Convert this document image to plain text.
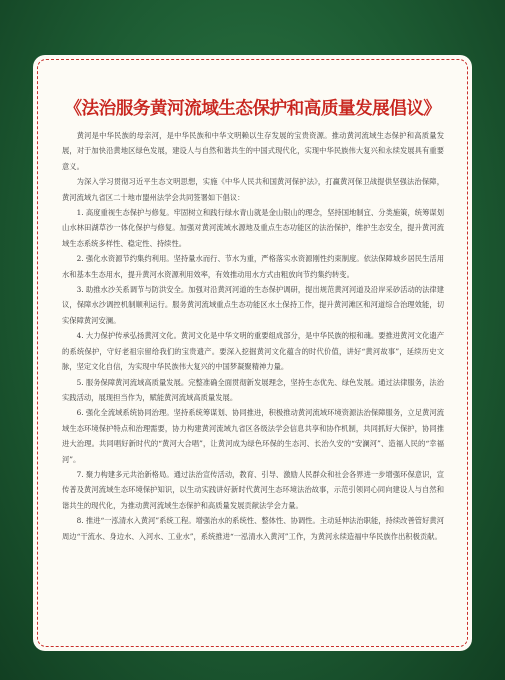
《法治服务黄河流域生态保护和高质量发展倡议》

黄河是中华民族的母亲河，是中华民族和中华文明赖以生存发展的宝贵资源。推动黄河流域生态保护和高质量发展，对于加快沿黄地区绿色发展，建设人与自然和谐共生的中国式现代化，实现中华民族伟大复兴和永续发展具有重要意义。

为深入学习贯彻习近平生态文明思想，实施《中华人民共和国黄河保护法》，打赢黄河保卫战提供坚强法治保障，黄河流域九省区二十地市盟州法学会共同签署如下倡议：

1. 高度重视生态保护与修复。牢固树立和践行绿水青山就是金山银山的理念，坚持国地制宜、分类施策，统筹谋划山水林田湖草沙一体化保护与修复。加强对黄河流域水源地及重点生态功能区的法治保护，维护生态安全，提升黄河流域生态系统多样性、稳定性、持续性。

2. 强化水资源节约集约利用。坚持量水而行、节水为重，严格落实水资源刚性约束制度。依法保障城乡居民生活用水和基本生态用水，提升黄河水资源利用效率，有效推动用水方式由粗放向节约集约转变。

3. 助推水沙关系调节与防洪安全。加强对沿黄河河道的生态保护调研，提出规范黄河河道及沿岸采砂活动的法律建议，保障水沙调控机制顺利运行。服务黄河流域重点生态功能区水土保持工作，提升黄河滩区和河道综合治理效能，切实保障黄河安澜。

4. 大力保护传承弘扬黄河文化。黄河文化是中华文明的重要组成部分，是中华民族的根和魂。要推进黄河文化遗产的系统保护，守好老祖宗留给我们的宝贵遗产。要深入挖掘黄河文化蕴含的时代价值，讲好“黄河故事”，延续历史文脉，坚定文化自信，为实现中华民族伟大复兴的中国梦凝聚精神力量。

5. 服务保障黄河流域高质量发展。完整准确全面贯彻新发展理念，坚持生态优先、绿色发展。通过法律服务，法治实践活动，展现担当作为，赋能黄河流域高质量发展。

6. 强化全流域系统协同治理。坚持系统筹谋划、协同推进，积极推动黄河流域环境资源法治保障服务，立足黄河流域生态环境保护特点和治理需要，协力构建黄河流域九省区各级法学会信息共享和协作机制，共同抓好大保护，协同推进大治理。共同唱好新时代的“黄河大合唱”，让黄河成为绿色环保的生态河、长治久安的“安澜河”、造福人民的“幸福河”。

7. 聚力构建多元共治新格局。通过法治宣传活动，教育、引导、激励人民群众和社会各界进一步增强环保意识，宣传普及黄河流域生态环境保护知识，以生动实践讲好新时代黄河生态环境法治故事，示范引领同心同向建设人与自然和谐共生的现代化，为推动黄河流域生态保护和高质量发展贡献法学会力量。

8. 推进“一泓清水入黄河”系统工程。增强治水的系统性、整体性、协调性。主动延伸法治职能，持续改善管好黄河周边“干流水、身边水、入河水、工业水”，系统推进“一泓清水入黄河”工作，为黄河永续造福中华民族作出积极贡献。
